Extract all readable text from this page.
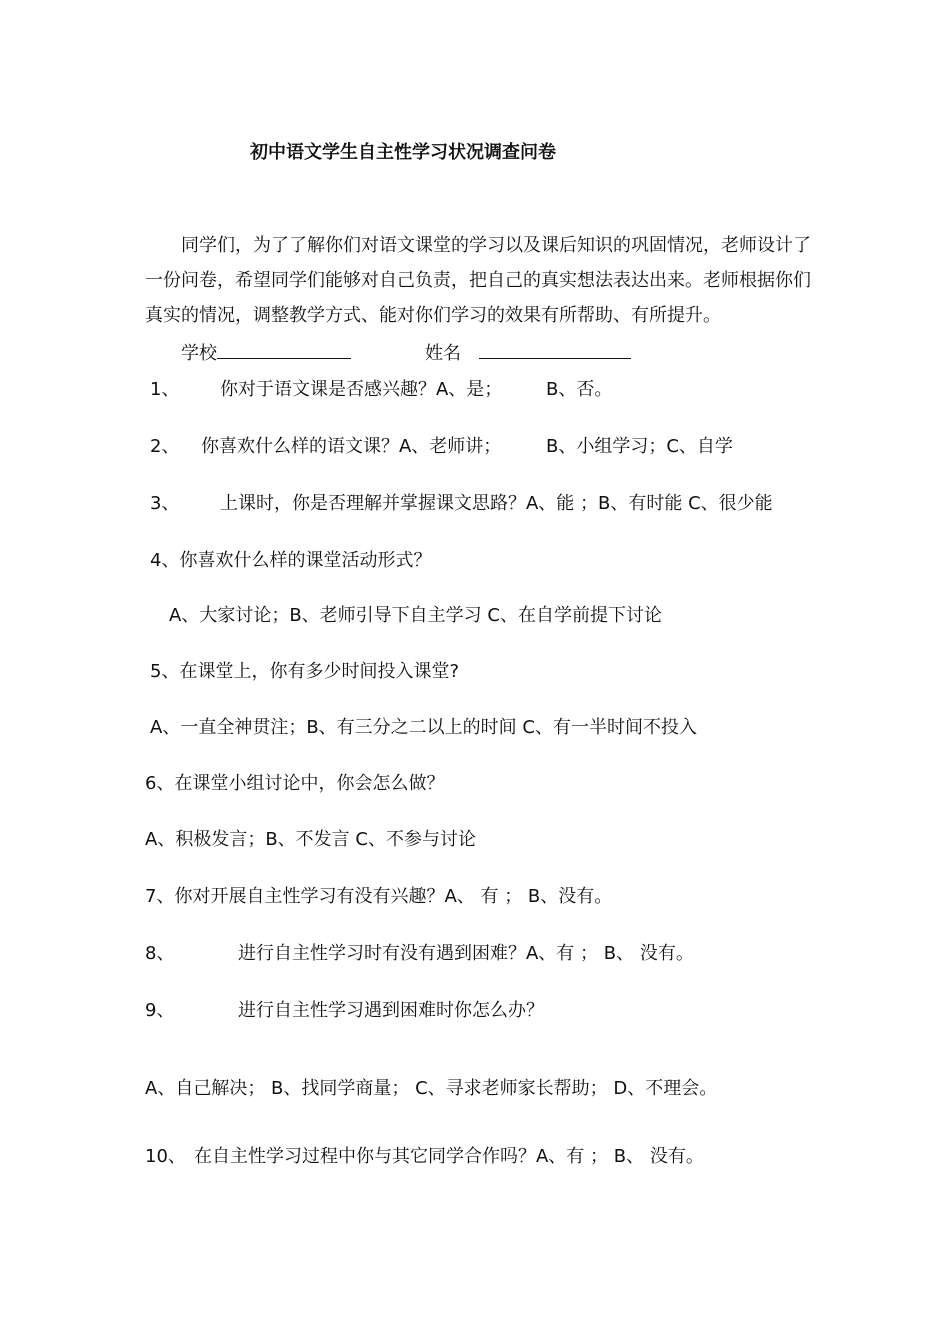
初中语文学生自主性学习状况调查问卷
同学们，为了了解你们对语文课堂的学习以及课后知识的巩固情况，老师设计了一份问卷，希望同学们能够对自己负责，把自己的真实想法表达出来。老师根据你们真实的情况，调整教学方式、能对你们学习的效果有所帮助、有所提升。
学校	姓名
1、 你对于语文课是否感兴趣？A、是； B、否。
2、 你喜欢什么样的语文课？A、老师讲； B、小组学习；C、自学
3、 上课时，你是否理解并掌握课文思路？A、能 ；B、有时能 C、很少能
4、你喜欢什么样的课堂活动形式？
A、大家讨论；B、老师引导下自主学习 C、在自学前提下讨论
5、在课堂上，你有多少时间投入课堂?
A、一直全神贯注；B、有三分之二以上的时间 C、有一半时间不投入
6、在课堂小组讨论中，你会怎么做？
A、积极发言；B、不发言 C、不参与讨论
7、你对开展自主性学习有没有兴趣？A、 有 ； B、没有。
8、	进行自主性学习时有没有遇到困难？A、有 ； B、 没有。
9、	进行自主性学习遇到困难时你怎么办？
A、自己解决； B、找同学商量； C、寻求老师家长帮助； D、不理会。
10、 在自主性学习过程中你与其它同学合作吗？A、有 ； B、 没有。
